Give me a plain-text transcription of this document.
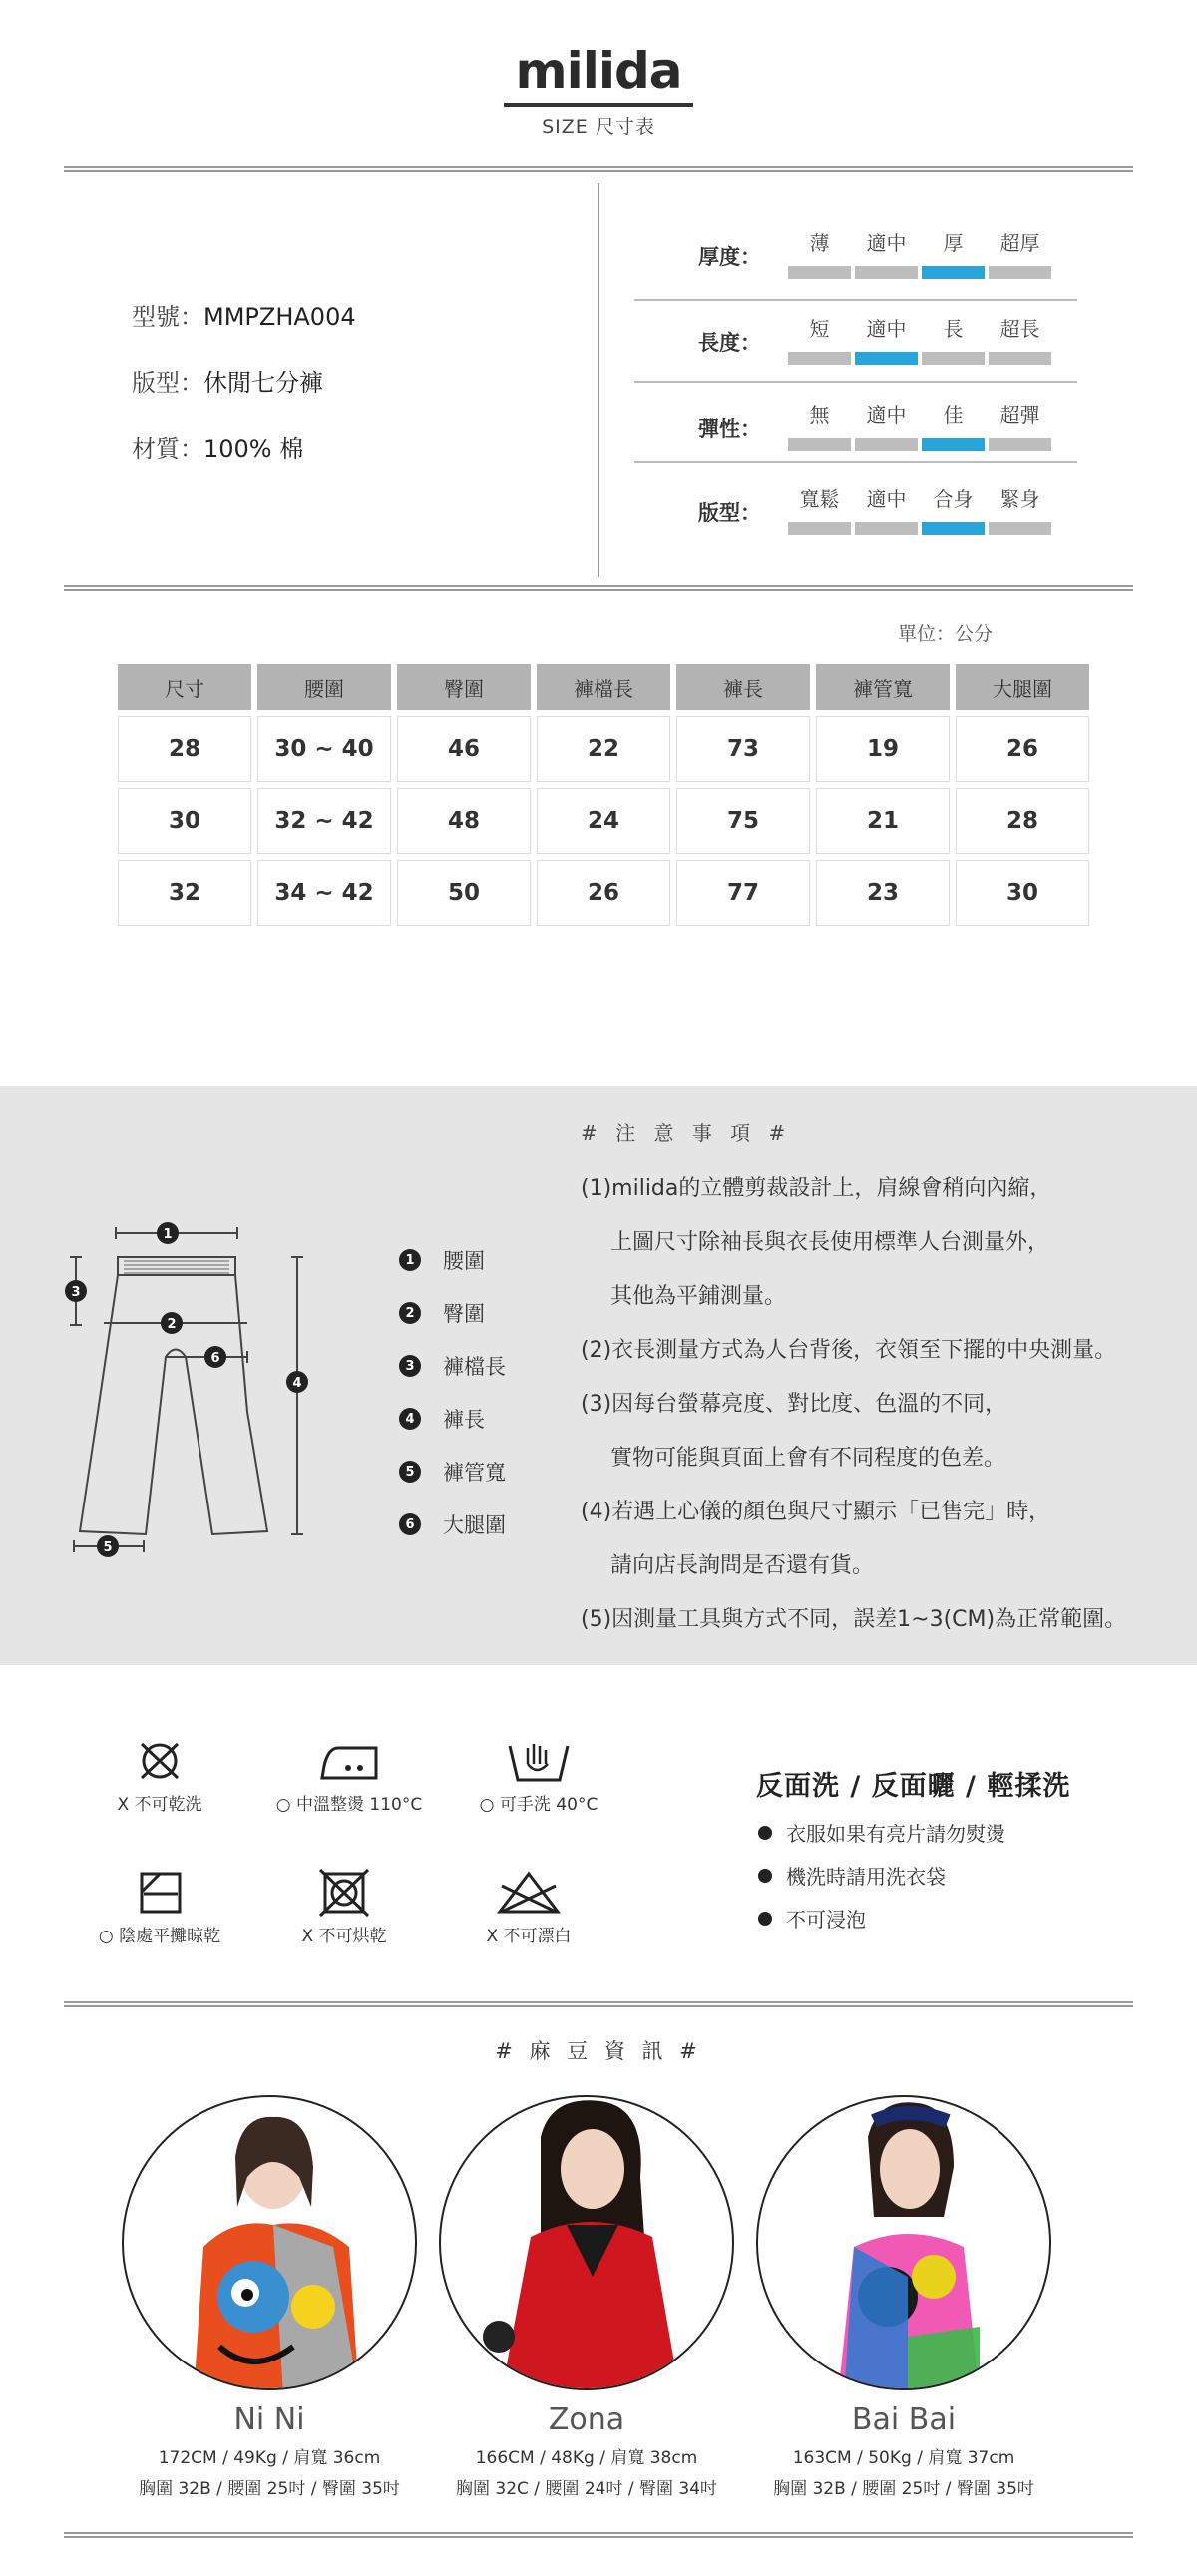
milida
SIZE 尺寸表
型號：MMPZHA004
版型：休閒七分褲
材質：100% 棉
厚度：
薄	適中	厚	超厚
長度：
短	適中	長	超長
彈性：
無	適中	佳	超彈
版型：
寬鬆	適中	合身	緊身
單位：公分
尺寸	腰圍	臀圍	褲檔長	褲長	褲管寬	大腿圍
28	30 ~ 40	46	22	73	19	26
30	32 ~ 42	48	24	75	21	28
32	34 ~ 42	50	26	77	23	30
1
2
3
4
5
6
1	腰圍
2	臀圍
3	褲檔長
4	褲長
5	褲管寬
6	大腿圍
# 注 意 事 項 #
(1)milida的立體剪裁設計上，肩線會稍向內縮，
上圖尺寸除袖長與衣長使用標準人台測量外，
其他為平鋪測量。
(2)衣長測量方式為人台背後，衣領至下擺的中央測量。
(3)因每台螢幕亮度、對比度、色溫的不同，
實物可能與頁面上會有不同程度的色差。
(4)若遇上心儀的顏色與尺寸顯示「已售完」時，
請向店長詢問是否還有貨。
(5)因測量工具與方式不同，誤差1~3(CM)為正常範圍。
X 不可乾洗	○ 中溫整燙 110°C	○ 可手洗 40°C
○ 陰處平攤晾乾	X 不可烘乾	X 不可漂白
反面洗 / 反面曬 / 輕揉洗
衣服如果有亮片請勿熨燙
機洗時請用洗衣袋
不可浸泡
# 麻 豆 資 訊 #
Ni Ni
172CM / 49Kg / 肩寬 36cm
胸圍 32B / 腰圍 25吋 / 臀圍 35吋
Zona
166CM / 48Kg / 肩寬 38cm
胸圍 32C / 腰圍 24吋 / 臀圍 34吋
Bai Bai
163CM / 50Kg / 肩寬 37cm
胸圍 32B / 腰圍 25吋 / 臀圍 35吋
